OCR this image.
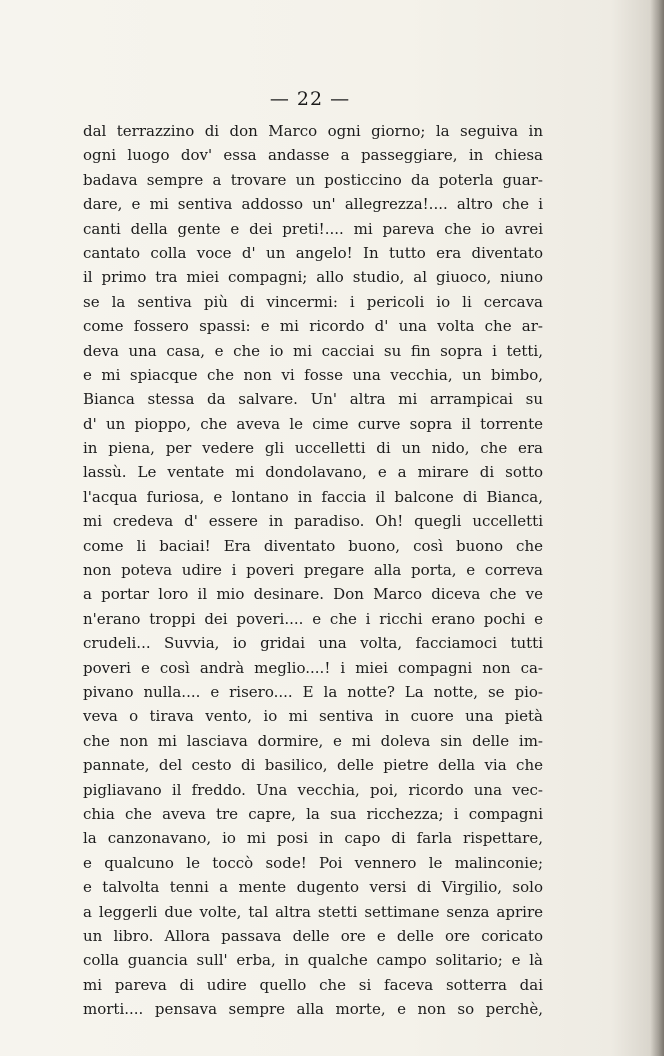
— 22 —
dal terrazzino di don Marco ogni giorno; la seguiva in
ogni luogo dov' essa andasse a passeggiare, in chiesa
badava sempre a trovare un posticcino da poterla guar-
dare, e mi sentiva addosso un' allegrezza!.... altro che i
canti della gente e dei preti!.... mi pareva che io avrei
cantato colla voce d' un angelo! In tutto era diventato
il primo tra miei compagni; allo studio, al giuoco, niuno
se la sentiva più di vincermi: i pericoli io li cercava
come fossero spassi: e mi ricordo d' una volta che ar-
deva una casa, e che io mi cacciai su fin sopra i tetti,
e mi spiacque che non vi fosse una vecchia, un bimbo,
Bianca stessa da salvare. Un' altra mi arrampicai su
d' un pioppo, che aveva le cime curve sopra il torrente
in piena, per vedere gli uccelletti di un nido, che era
lassù. Le ventate mi dondolavano, e a mirare di sotto
l'acqua furiosa, e lontano in faccia il balcone di Bianca,
mi credeva d' essere in paradiso. Oh! quegli uccelletti
come li baciai! Era diventato buono, così buono che
non poteva udire i poveri pregare alla porta, e correva
a portar loro il mio desinare. Don Marco diceva che ve
n'erano troppi dei poveri.... e che i ricchi erano pochi e
crudeli... Suvvia, io gridai una volta, facciamoci tutti
poveri e così andrà meglio....! i miei compagni non ca-
pivano nulla.... e risero.... E la notte? La notte, se pio-
veva o tirava vento, io mi sentiva in cuore una pietà
che non mi lasciava dormire, e mi doleva sin delle im-
pannate, del cesto di basilico, delle pietre della via che
pigliavano il freddo. Una vecchia, poi, ricordo una vec-
chia che aveva tre capre, la sua ricchezza; i compagni
la canzonavano, io mi posi in capo di farla rispettare,
e qualcuno le toccò sode! Poi vennero le malinconie;
e talvolta tenni a mente dugento versi di Virgilio, solo
a leggerli due volte, tal altra stetti settimane senza aprire
un libro. Allora passava delle ore e delle ore coricato
colla guancia sull' erba, in qualche campo solitario; e là
mi pareva di udire quello che si faceva sotterra dai
morti.... pensava sempre alla morte, e non so perchè,
